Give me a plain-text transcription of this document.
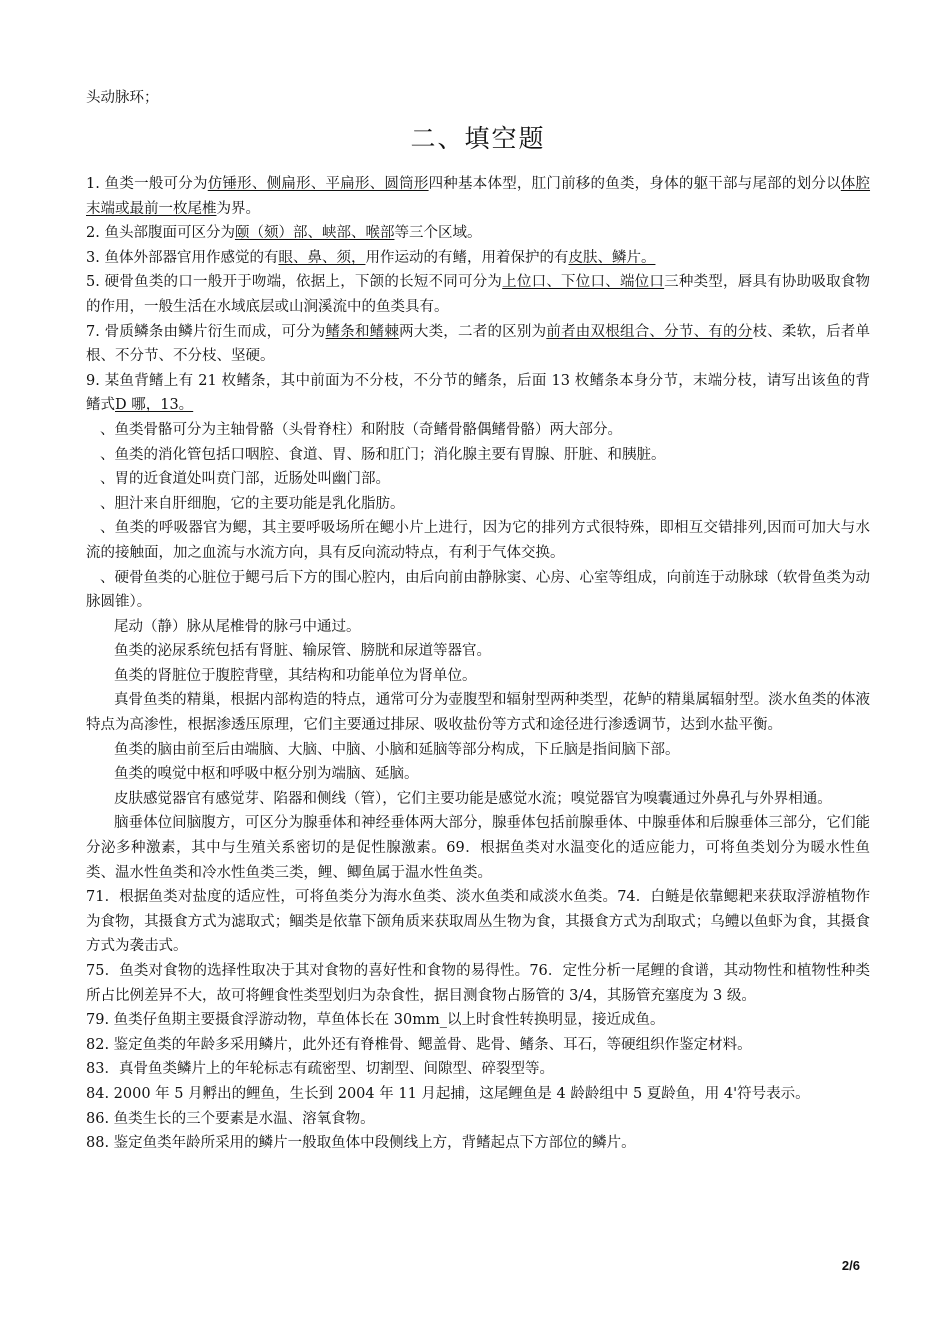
头动脉环；
二、填空题

1. 鱼类一般可分为仿锤形、侧扁形、平扁形、圆筒形四种基本体型，肛门前移的鱼类，身体的躯干部与尾部的划分以体腔末端或最前一枚尾椎为界。

2. 鱼头部腹面可区分为颐（颏）部、峡部、喉部等三个区域。

3. 鱼体外部器官用作感觉的有眼、鼻、须，用作运动的有鳍，用着保护的有皮肤、鳞片。

5. 硬骨鱼类的口一般开于吻端，依据上，下颌的长短不同可分为上位口、下位口、端位口三种类型，唇具有协助吸取食物的作用，一般生活在水域底层或山涧溪流中的鱼类具有。

7. 骨质鳞条由鳞片衍生而成，可分为鳍条和鳍棘两大类，二者的区别为前者由双根组合、分节、有的分枝、柔软，后者单根、不分节、不分枝、坚硬。

9. 某鱼背鳍上有 21 枚鳍条，其中前面为不分枝，不分节的鳍条，后面 13 枚鳍条本身分节，末端分枝，请写出该鱼的背鳍式D 哪，13。

、鱼类骨骼可分为主轴骨骼（头骨脊柱）和附肢（奇鳍骨骼偶鳍骨骼）两大部分。

、鱼类的消化管包括口咽腔、食道、胃、肠和肛门；消化腺主要有胃腺、肝脏、和胰脏。

、胃的近食道处叫贲门部，近肠处叫幽门部。

、胆汁来自肝细胞，它的主要功能是乳化脂肪。

、鱼类的呼吸器官为鳃，其主要呼吸场所在鳃小片上进行，因为它的排列方式很特殊，即相互交错排列,因而可加大与水流的接触面，加之血流与水流方向，具有反向流动特点，有利于气体交换。

、硬骨鱼类的心脏位于鳃弓后下方的围心腔内，由后向前由静脉窦、心房、心室等组成，向前连于动脉球（软骨鱼类为动脉圆锥）。

尾动（静）脉从尾椎骨的脉弓中通过。

鱼类的泌尿系统包括有肾脏、输尿管、膀胱和尿道等器官。

鱼类的肾脏位于腹腔背壁，其结构和功能单位为肾单位。

真骨鱼类的精巢，根据内部构造的特点，通常可分为壶腹型和辐射型两种类型，花鲈的精巢属辐射型。淡水鱼类的体液特点为高渗性，根据渗透压原理，它们主要通过排尿、吸收盐份等方式和途径进行渗透调节，达到水盐平衡。

鱼类的脑由前至后由端脑、大脑、中脑、小脑和延脑等部分构成，下丘脑是指间脑下部。

鱼类的嗅觉中枢和呼吸中枢分别为端脑、延脑。

皮肤感觉器官有感觉芽、陷器和侧线（管），它们主要功能是感觉水流；嗅觉器官为嗅囊通过外鼻孔与外界相通。

脑垂体位间脑腹方，可区分为腺垂体和神经垂体两大部分，腺垂体包括前腺垂体、中腺垂体和后腺垂体三部分，它们能分泌多种激素，其中与生殖关系密切的是促性腺激素。69．根据鱼类对水温变化的适应能力，可将鱼类划分为暖水性鱼类、温水性鱼类和冷水性鱼类三类，鲤、鲫鱼属于温水性鱼类。

71．根据鱼类对盐度的适应性，可将鱼类分为海水鱼类、淡水鱼类和咸淡水鱼类。74．白鲢是依靠鳃耙来获取浮游植物作为食物，其摄食方式为滤取式；鲴类是依靠下颌角质来获取周丛生物为食，其摄食方式为刮取式；乌鳢以鱼虾为食，其摄食方式为袭击式。

75．鱼类对食物的选择性取决于其对食物的喜好性和食物的易得性。76．定性分析一尾鲤的食谱，其动物性和植物性种类所占比例差异不大，故可将鲤食性类型划归为杂食性，据目测食物占肠管的 3/4，其肠管充塞度为 3 级。

79. 鱼类仔鱼期主要摄食浮游动物，草鱼体长在 30mm_以上时食性转换明显，接近成鱼。

82. 鉴定鱼类的年龄多采用鳞片，此外还有脊椎骨、鳃盖骨、匙骨、鳍条、耳石，等硬组织作鉴定材料。

83．真骨鱼类鳞片上的年轮标志有疏密型、切割型、间隙型、碎裂型等。

84. 2000 年 5 月孵出的鲤鱼，生长到 2004 年 11 月起捕，这尾鲤鱼是 4 龄龄组中 5 夏龄鱼，用 4'符号表示。

86. 鱼类生长的三个要素是水温、溶氧食物。

88. 鉴定鱼类年龄所采用的鳞片一般取鱼体中段侧线上方，背鳍起点下方部位的鳞片。

2/6
